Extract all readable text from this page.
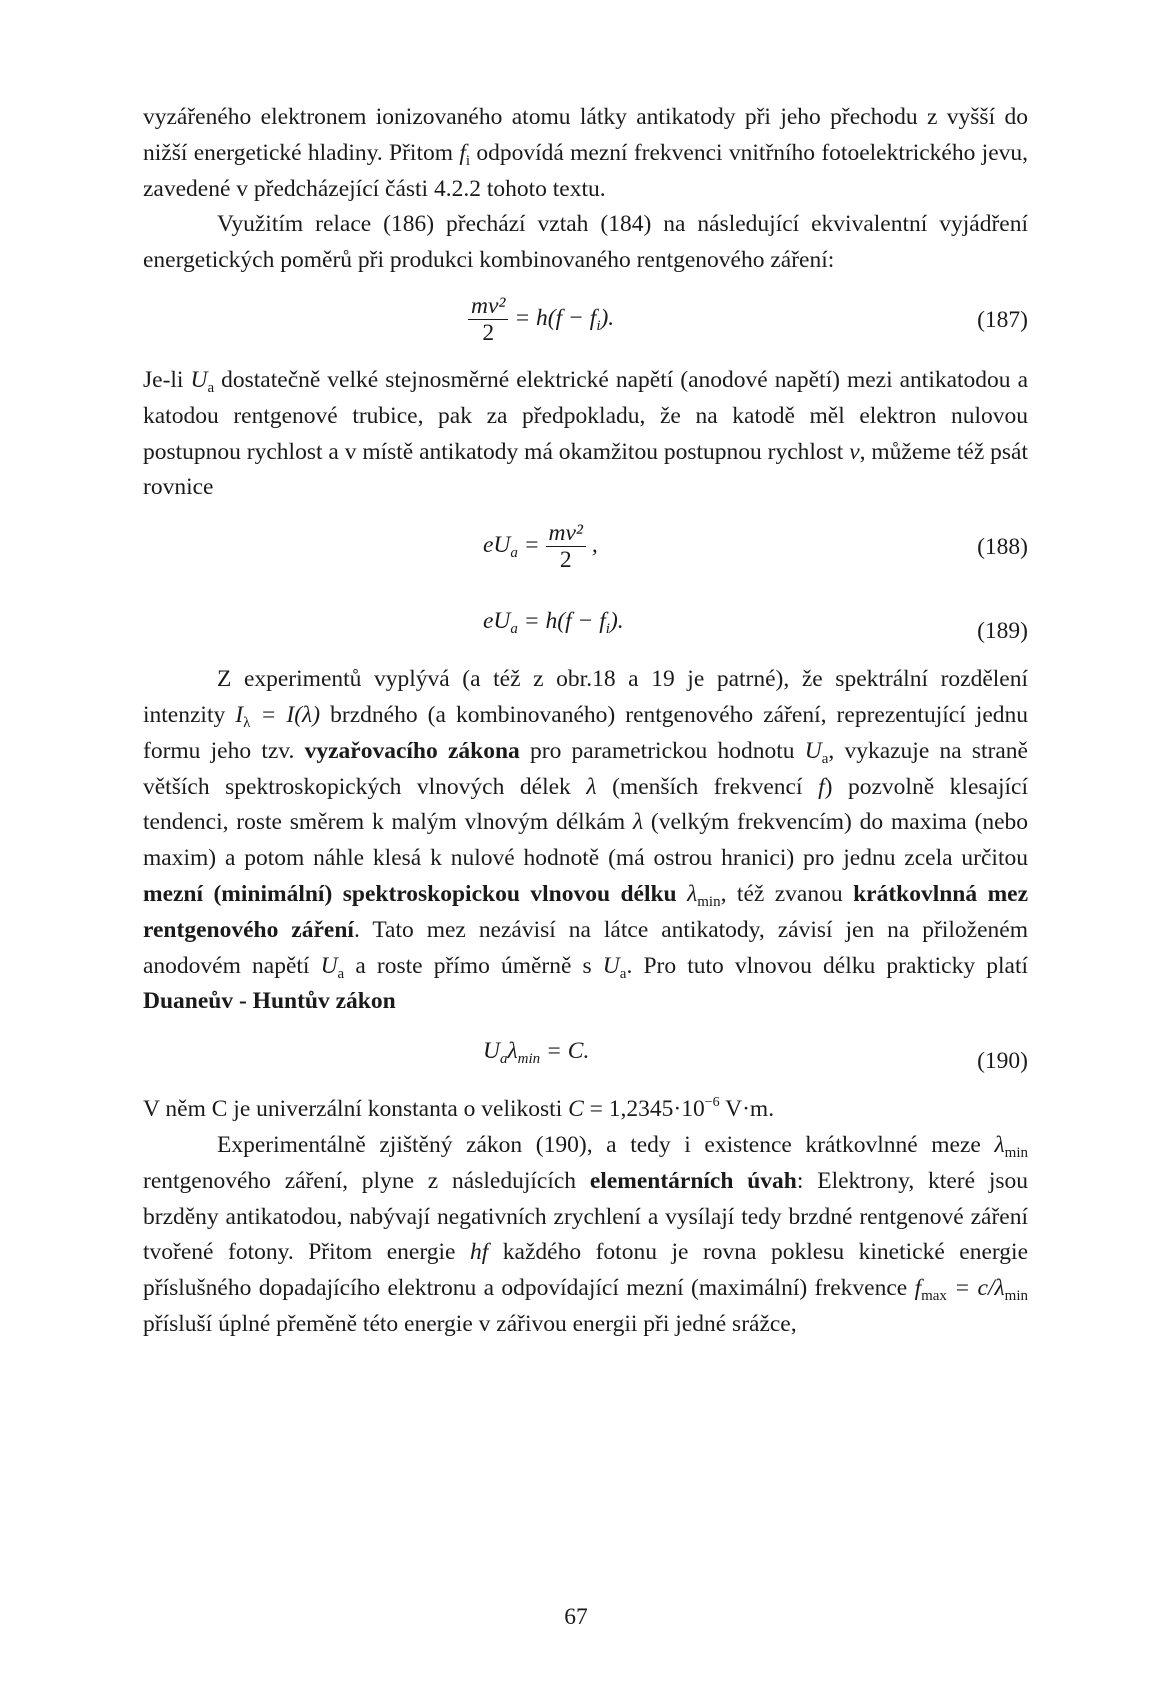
vyzářeného elektronem ionizovaného atomu látky antikatody při jeho přechodu z vyšší do nižší energetické hladiny. Přitom $f_i$ odpovídá mezní frekvenci vnitřního fotoelektrického jevu, zavedené v předcházející části 4.2.2 tohoto textu.

Využitím relace (186) přechází vztah (184) na následující ekvivalentní vyjádření energetických poměrů při produkci kombinovaného rentgenového záření:

$\frac{\text{mv²}}{2} = h(f - f_i)$.	(187)

Je-li $U_a$ dostatečně velké stejnosměrné elektrické napětí (anodové napětí) mezi antikatodou a katodou rentgenové trubice, pak za předpokladu, že na katodě měl elektron nulovou postupnou rychlost a v místě antikatody má okamžitou postupnou rychlost v, můžeme též psát rovnice

$eU_a = \frac{\text{mv²}}{2}$ ,	(188)
$eU_a = h(f - f_i)$.	(189)

Z experimentů vyplývá (a též z obr.18 a 19 je patrné), že spektrální rozdělení intenzity $I_\lambda = I(\lambda)$ brzdného (a kombinovaného) rentgenového záření, reprezentující jednu formu jeho tzv. vyzařovacího zákona pro parametrickou hodnotu $U_a$, vykazuje na straně větších spektroskopických vlnových délek λ (menších frekvencí f) pozvolně klesající tendenci, roste směrem k malým vlnovým délkám λ (velkým frekvencím) do maxima (nebo maxim) a potom náhle klesá k nulové hodnotě (má ostrou hranici) pro jednu zcela určitou mezní (minimální) spektroskopickou vlnovou délku $\lambda_{min}$, též zvanou krátkovlnná mez rentgenového záření. Tato mez nezávisí na látce antikatody, závisí jen na přiloženém anodovém napětí $U_a$ a roste přímo úměrně s $U_a$. Pro tuto vlnovou délku prakticky platí Duaneův - Huntův zákon

$U_a\lambda_{min} = C$.	(190)

V něm C je univerzální konstanta o velikosti $C = 1,2345\cdot 10^{-6}$ V·m.

Experimentálně zjištěný zákon (190), a tedy i existence krátkovlnné meze $\lambda_{min}$ rentgenového záření, plyne z následujících elementárních úvah: Elektrony, které jsou brzděny antikatodou, nabývají negativních zrychlení a vysílají tedy brzdné rentgenové záření tvořené fotony. Přitom energie hf každého fotonu je rovna poklesu kinetické energie příslušného dopadajícího elektronu a odpovídající mezní (maximální) frekvence $f_{max} = c/\lambda_{min}$ přísluší úplné přeměně této energie v zářivou energii při jedné srážce,

67
